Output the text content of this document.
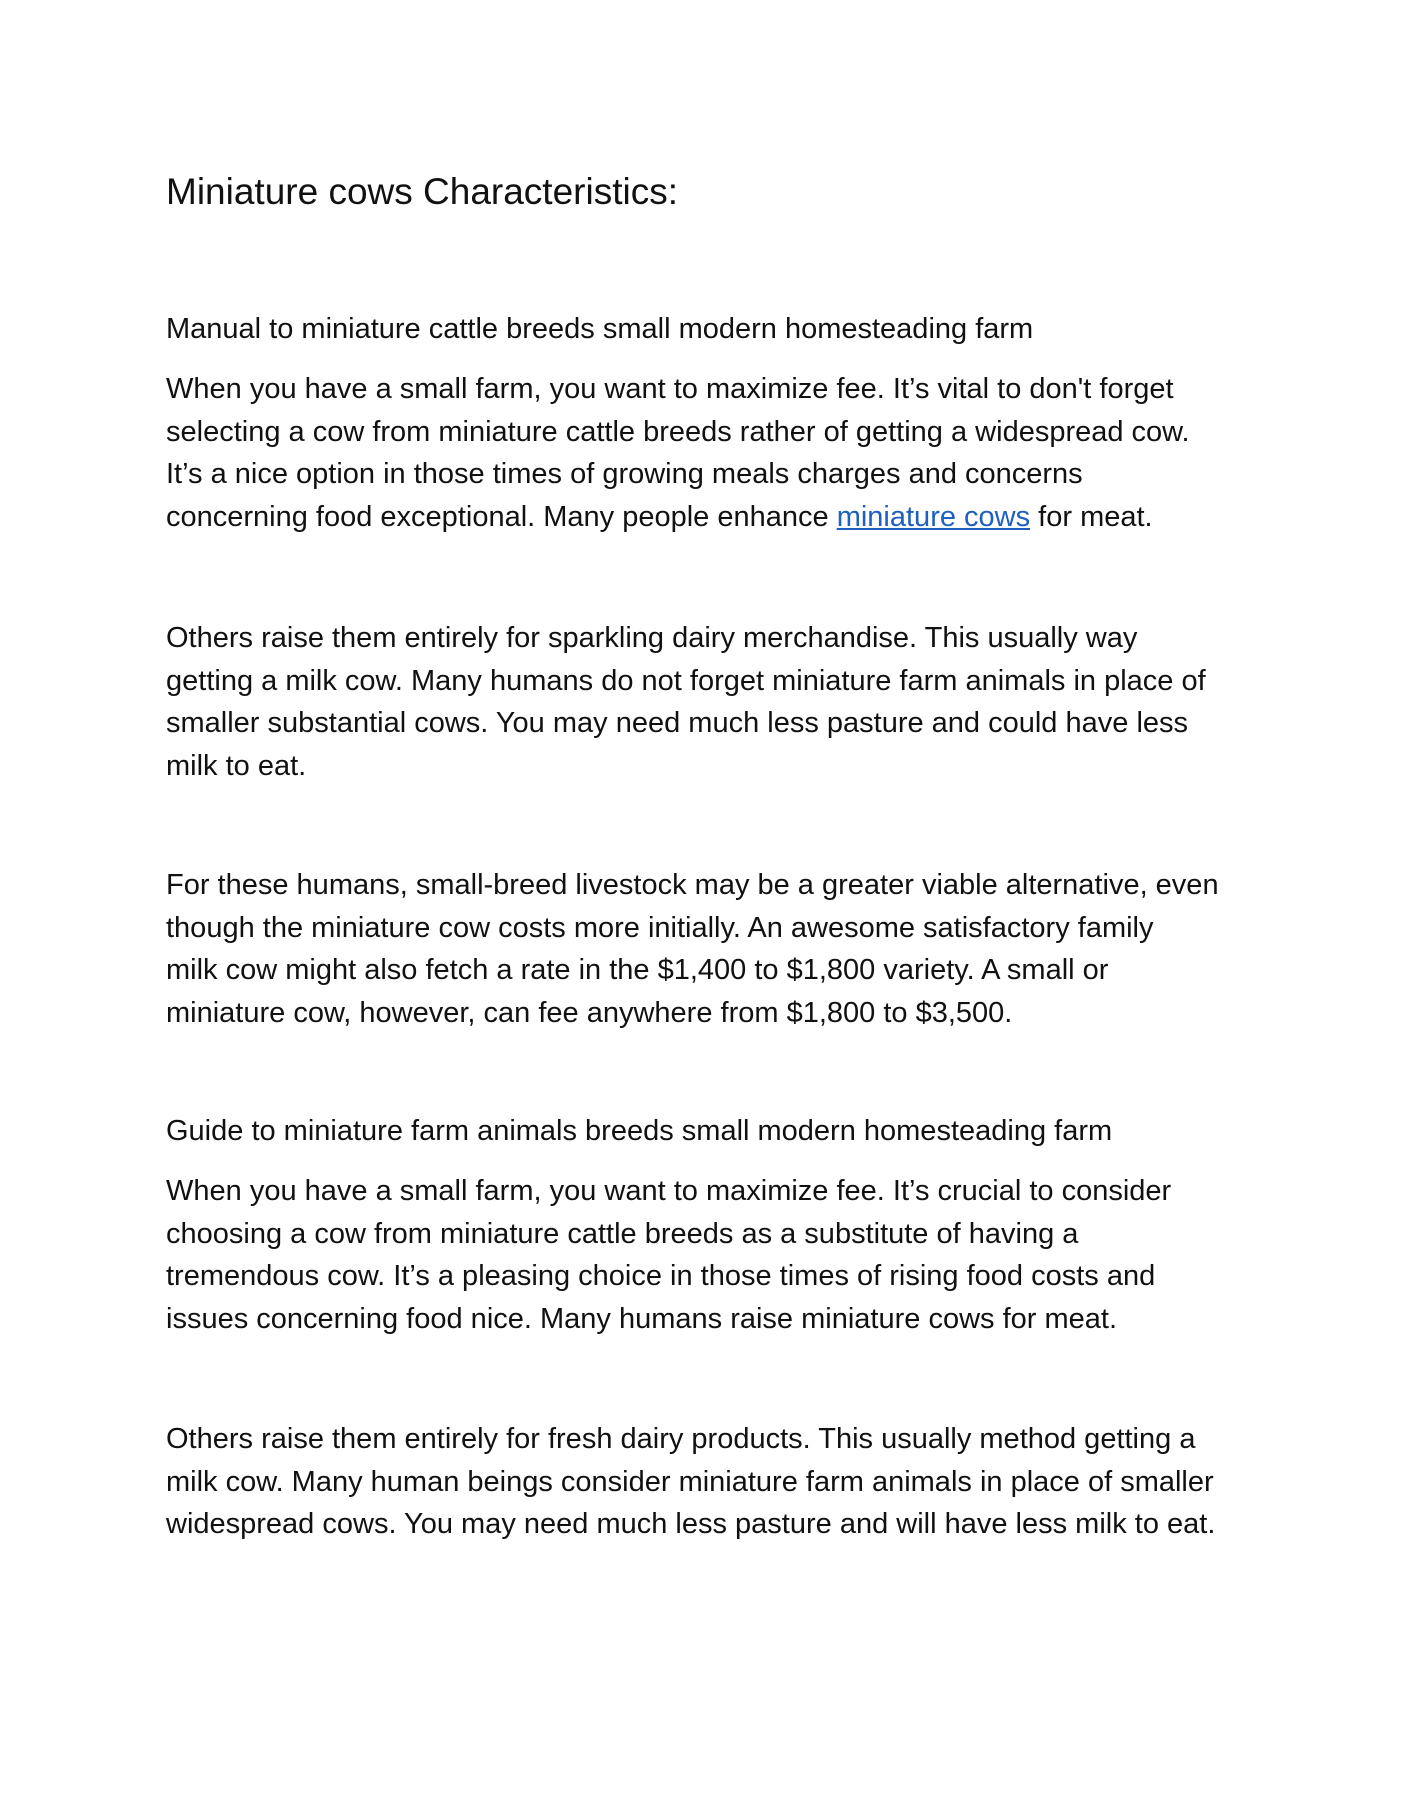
Miniature cows Characteristics:

Manual to miniature cattle breeds small modern homesteading farm

When you have a small farm, you want to maximize fee. It’s vital to don't forget
selecting a cow from miniature cattle breeds rather of getting a widespread cow.
It’s a nice option in those times of growing meals charges and concerns
concerning food exceptional. Many people enhance miniature cows for meat.

Others raise them entirely for sparkling dairy merchandise. This usually way
getting a milk cow. Many humans do not forget miniature farm animals in place of
smaller substantial cows. You may need much less pasture and could have less
milk to eat.

For these humans, small-breed livestock may be a greater viable alternative, even
though the miniature cow costs more initially. An awesome satisfactory family
milk cow might also fetch a rate in the $1,400 to $1,800 variety. A small or
miniature cow, however, can fee anywhere from $1,800 to $3,500.

Guide to miniature farm animals breeds small modern homesteading farm

When you have a small farm, you want to maximize fee. It’s crucial to consider
choosing a cow from miniature cattle breeds as a substitute of having a
tremendous cow. It’s a pleasing choice in those times of rising food costs and
issues concerning food nice. Many humans raise miniature cows for meat.

Others raise them entirely for fresh dairy products. This usually method getting a
milk cow. Many human beings consider miniature farm animals in place of smaller
widespread cows. You may need much less pasture and will have less milk to eat.
